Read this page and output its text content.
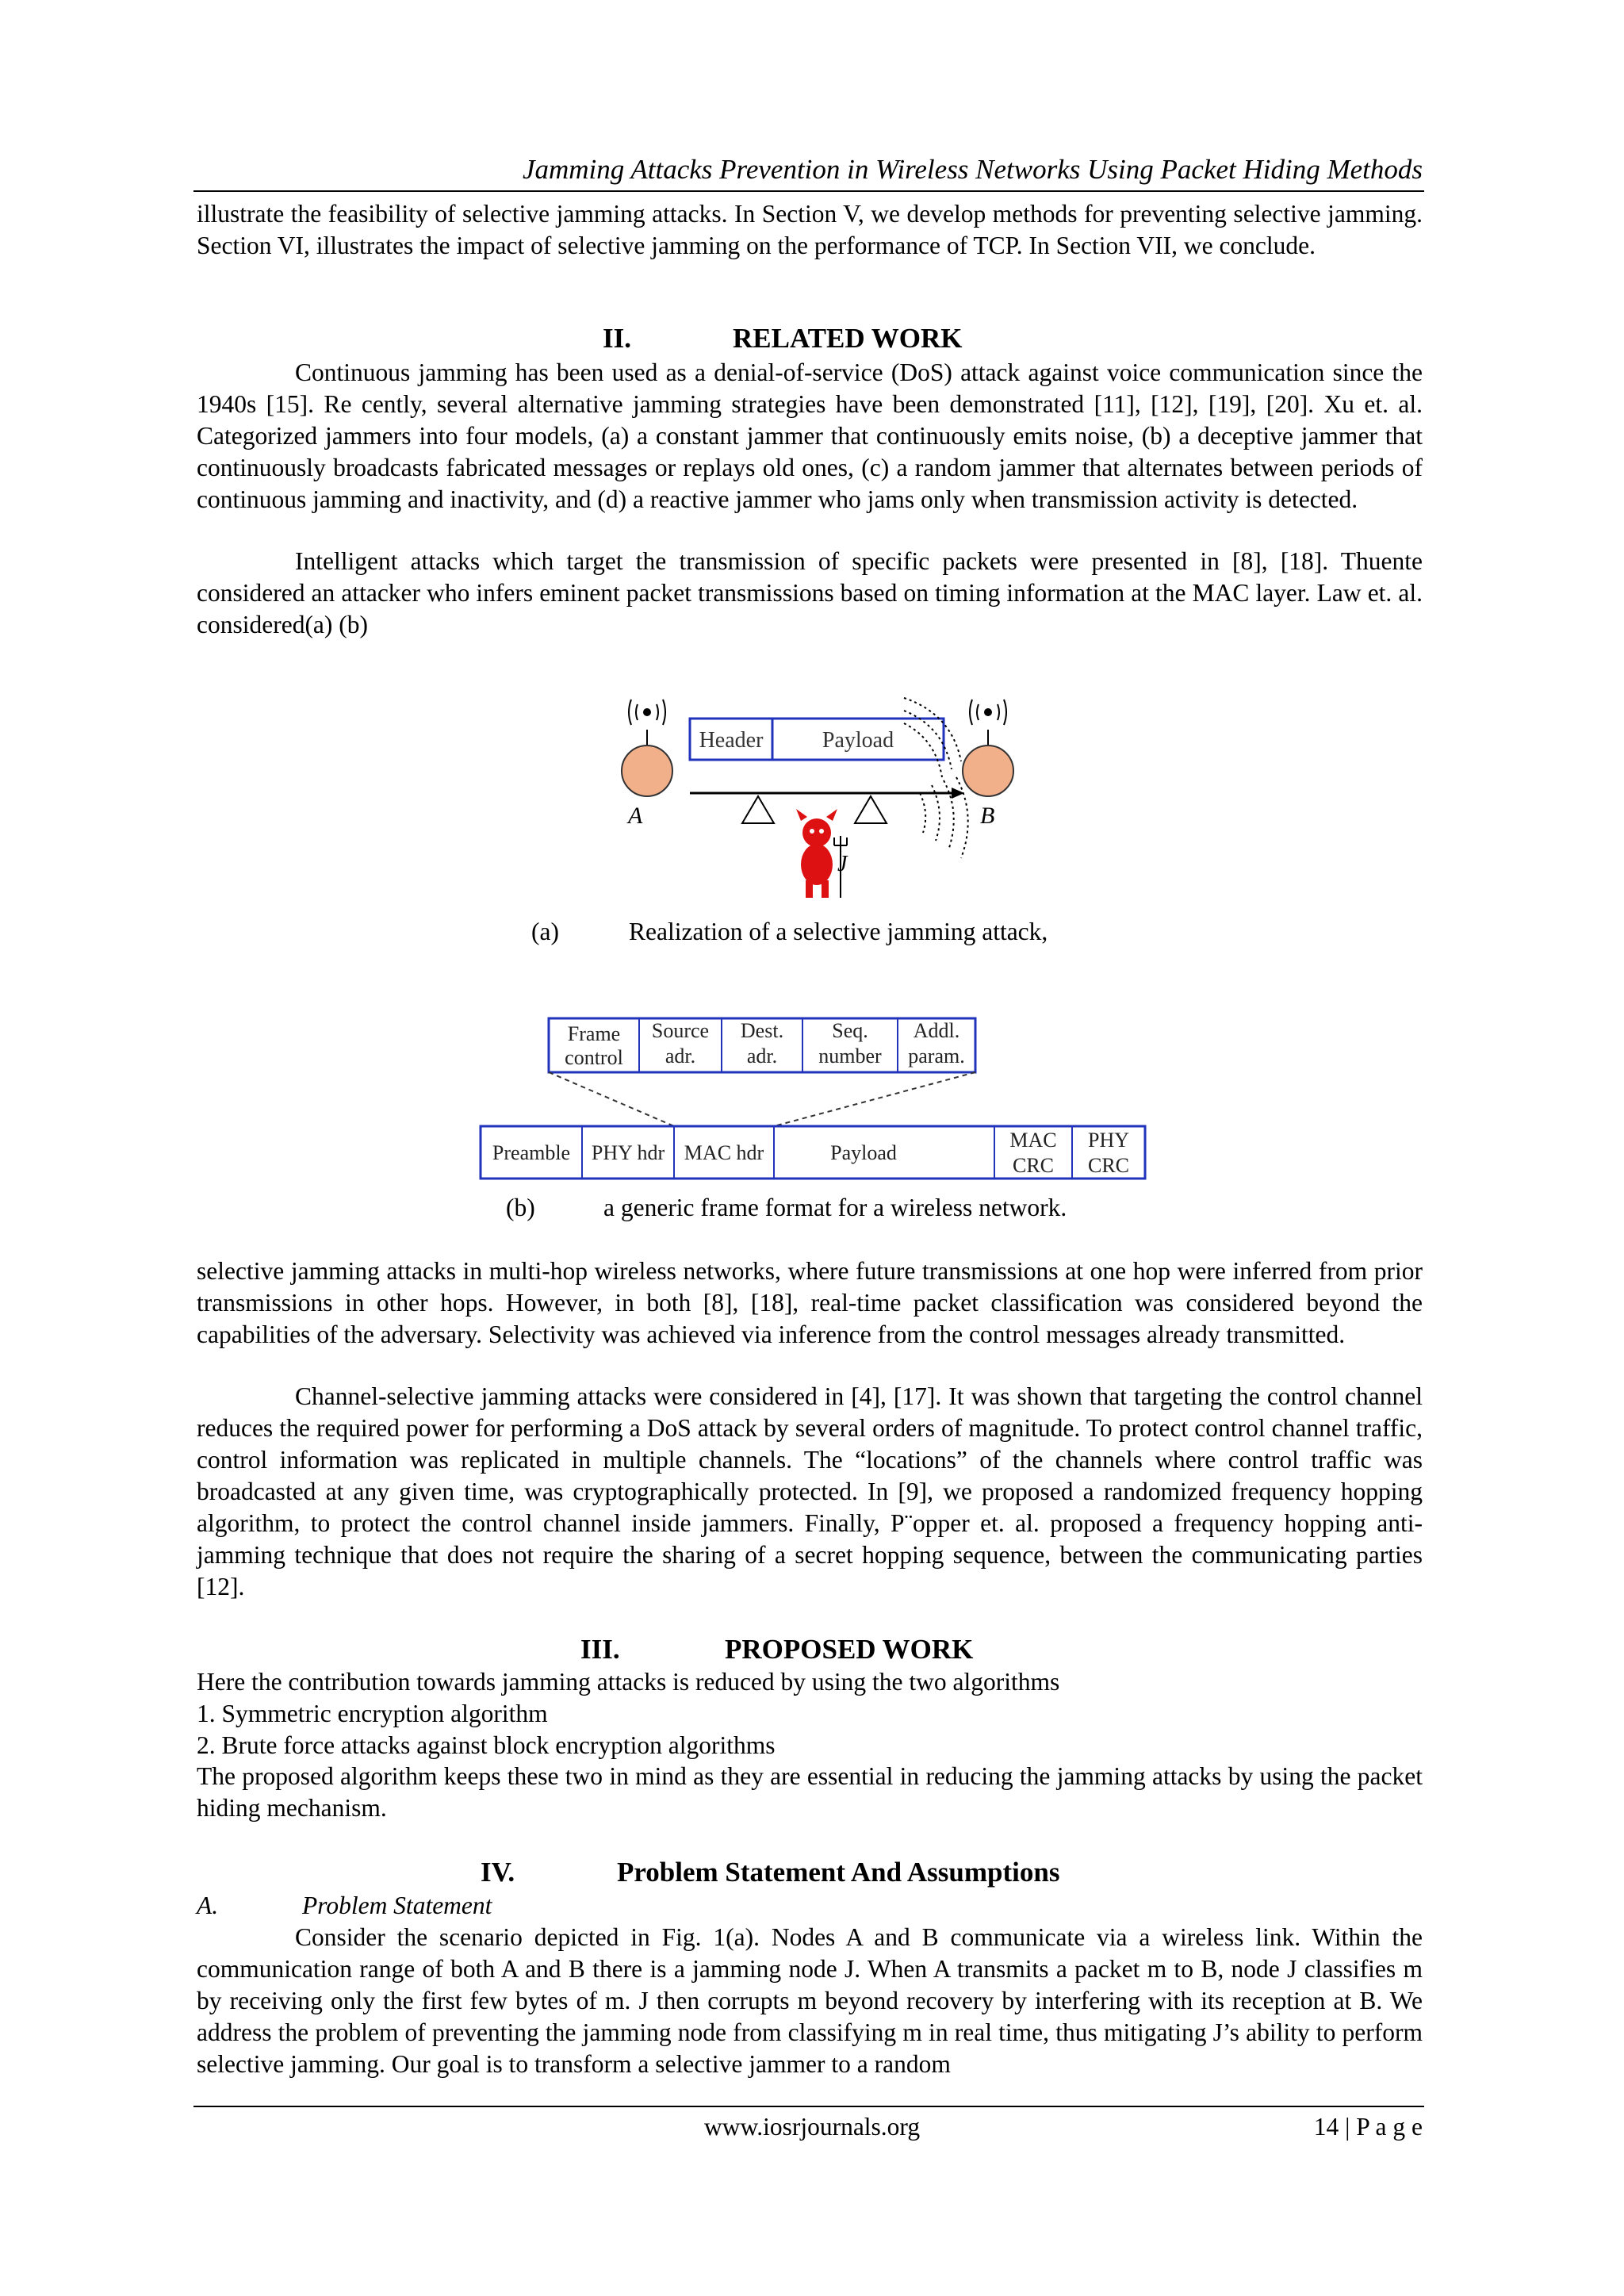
Jamming Attacks Prevention in Wireless Networks Using Packet Hiding Methods

illustrate the feasibility of selective jamming attacks. In Section V, we develop methods for preventing selective jamming. Section VI, illustrates the impact of selective jamming on the performance of TCP. In Section VII, we conclude.

II.	RELATED WORK

Continuous jamming has been used as a denial-of-service (DoS) attack against voice communication since the 1940s [15]. Re cently, several alternative jamming strategies have been demonstrated [11], [12], [19], [20]. Xu et. al. Categorized jammers into four models, (a) a constant jammer that continuously emits noise, (b) a deceptive jammer that continuously broadcasts fabricated messages or replays old ones, (c) a random jammer that alternates between periods of continuous jamming and inactivity, and (d) a reactive jammer who jams only when transmission activity is detected.

Intelligent attacks which target the transmission of specific packets were presented in [8], [18]. Thuente considered an attacker who infers eminent packet transmissions based on timing information at the MAC layer. Law et. al. considered(a) (b)

A	B
Header	Payload
J
(a)	Realization of a selective jamming attack,
Frame
control
Source
adr.
Dest.
adr.
Seq.
number
Addl.
param.
Preamble PHY hdr MAC hdr	Payload
MAC
CRC
PHY
CRC
(b)	a generic frame format for a wireless network.

selective jamming attacks in multi-hop wireless networks, where future transmissions at one hop were inferred from prior transmissions in other hops. However, in both [8], [18], real-time packet classification was considered beyond the capabilities of the adversary. Selectivity was achieved via inference from the control messages already transmitted.

Channel-selective jamming attacks were considered in [4], [17]. It was shown that targeting the control channel reduces the required power for performing a DoS attack by several orders of magnitude. To protect control channel traffic, control information was replicated in multiple channels. The “locations” of the channels where control traffic was broadcasted at any given time, was cryptographically protected. In [9], we proposed a randomized frequency hopping algorithm, to protect the control channel inside jammers. Finally, P¨opper et. al. proposed a frequency hopping anti-jamming technique that does not require the sharing of a secret hopping sequence, between the communicating parties [12].

III.	PROPOSED WORK

Here the contribution towards jamming attacks is reduced by using the two algorithms

1. Symmetric encryption algorithm

2. Brute force attacks against block encryption algorithms

The proposed algorithm keeps these two in mind as they are essential in reducing the jamming attacks by using the packet hiding mechanism.

IV.	Problem Statement And Assumptions
A.	Problem Statement

Consider the scenario depicted in Fig. 1(a). Nodes A and B communicate via a wireless link. Within the communication range of both A and B there is a jamming node J. When A transmits a packet m to B, node J classifies m by receiving only the first few bytes of m. J then corrupts m beyond recovery by interfering with its reception at B. We address the problem of preventing the jamming node from classifying m in real time, thus mitigating J’s ability to perform selective jamming. Our goal is to transform a selective jammer to a random

www.iosrjournals.org	14 | P a g e
